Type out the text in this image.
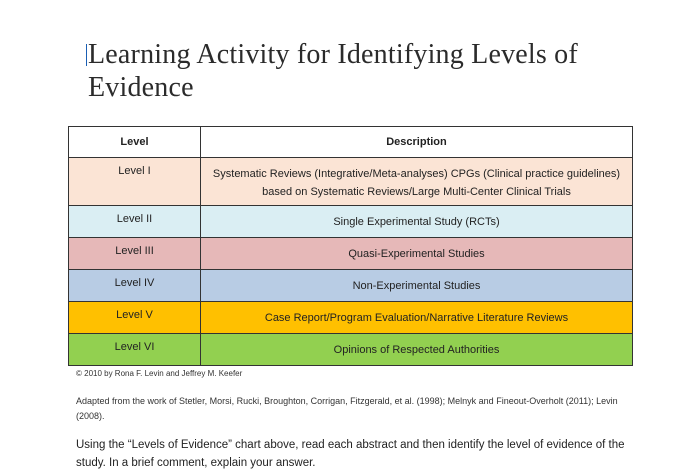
Learning Activity for Identifying Levels of Evidence
Level	Description
Level I	Systematic Reviews (Integrative/Meta-analyses) CPGs (Clinical practice guidelines) based on Systematic Reviews/Large Multi-Center Clinical Trials
Level II	Single Experimental Study (RCTs)
Level III	Quasi-Experimental Studies
Level IV	Non-Experimental Studies
Level V	Case Report/Program Evaluation/Narrative Literature Reviews
Level VI	Opinions of Respected Authorities
© 2010 by Rona F. Levin and Jeffrey M. Keefer

Adapted from the work of Stetler, Morsi, Rucki, Broughton, Corrigan, Fitzgerald, et al. (1998); Melnyk and Fineout-Overholt (2011); Levin (2008).

Using the “Levels of Evidence” chart above, read each abstract and then identify the level of evidence of the study. In a brief comment, explain your answer.
